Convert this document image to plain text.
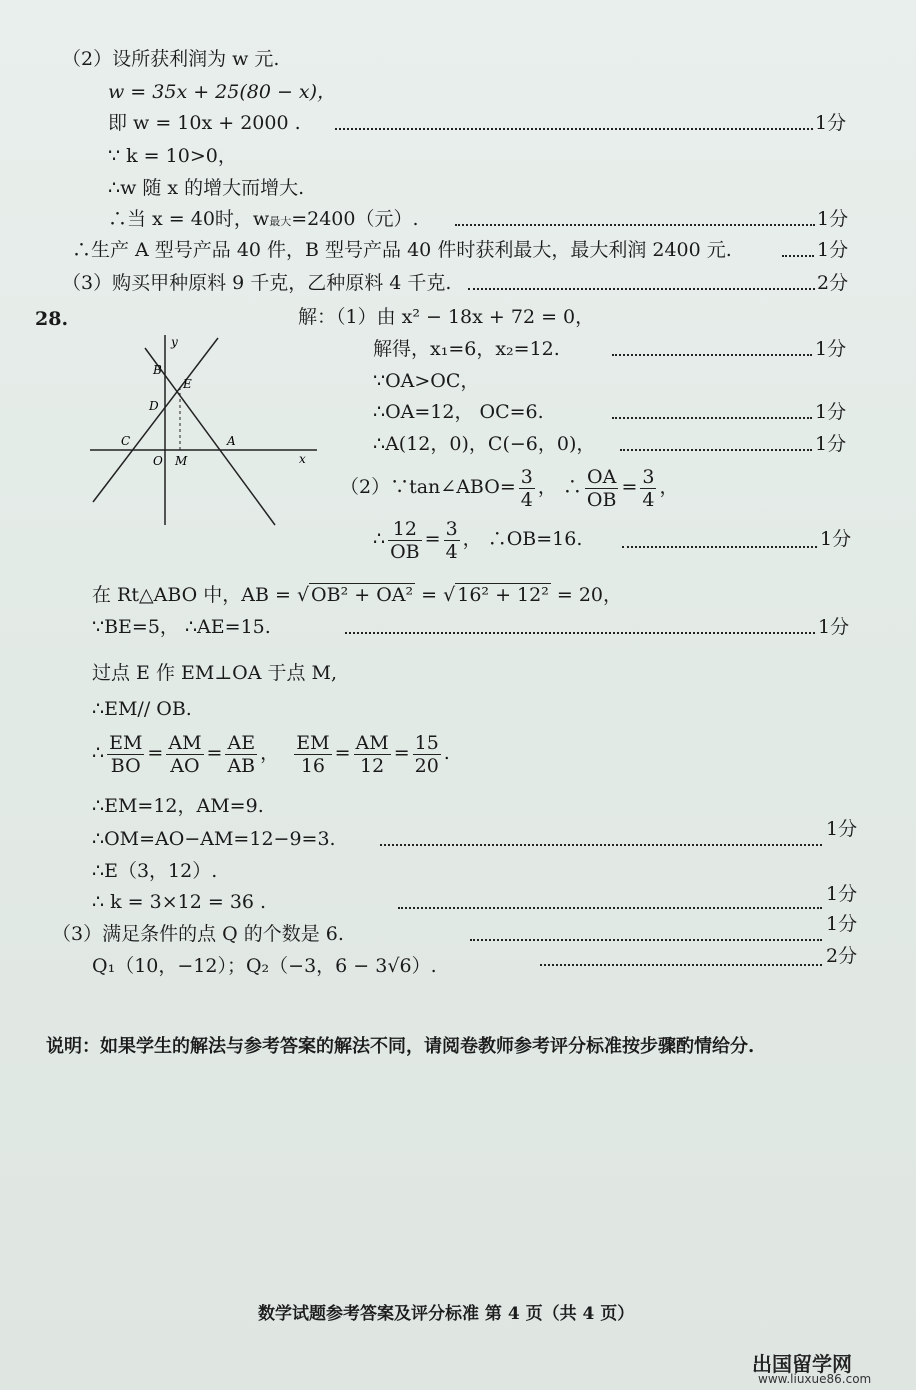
（2）设所获利润为 w 元.
w = 35x + 25(80 − x)，
即 w = 10x + 2000 .	1分
∵ k = 10>0，
∴w 随 x 的增大而增大.
∴当 x = 40时，w最大=2400（元）.	1分
∴生产 A 型号产品 40 件，B 型号产品 40 件时获利最大，最大利润 2400 元.	1分
（3）购买甲种原料 9 千克，乙种原料 4 千克.	2分
28.
y
B
E
D
C
O M
A
x
解：（1）由 x² − 18x + 72 = 0，
解得，x₁=6，x₂=12.	1分
∵OA>OC，
∴OA=12， OC=6.	1分
∴A(12，0)，C(−6，0)，	1分
（2）∵tan∠ABO= $\frac{3}{4}$ ， ∴ $\frac{OA}{OB} = \frac{3}{4}$ ，
∴ $\frac{12}{OB} = \frac{3}{4}$ ， ∴OB=16.	1分
在 Rt△ABO 中，AB = √ OB² + OA² = √ 16² + 12² = 20，
∵BE=5， ∴AE=15.	1分
过点 E 作 EM⊥OA 于点 M,
∴EM// OB.
∴ $\frac{EM}{BO} = \frac{AM}{AO} = \frac{AE}{AB}$ ， $\frac{EM}{16} = \frac{AM}{12} = \frac{15}{20}$ .
∴EM=12，AM=9.
∴OM=AO−AM=12−9=3.	1分
∴E（3，12）.
∴ k = 3×12 = 36 .	1分
（3）满足条件的点 Q 的个数是 6.	1分
Q₁（10，−12）；Q₂（−3，6 − 3√6）.	2分
说明：如果学生的解法与参考答案的解法不同，请阅卷教师参考评分标准按步骤酌情给分.
数学试题参考答案及评分标准 第 4 页（共 4 页）
出国留学网
www.liuxue86.com
